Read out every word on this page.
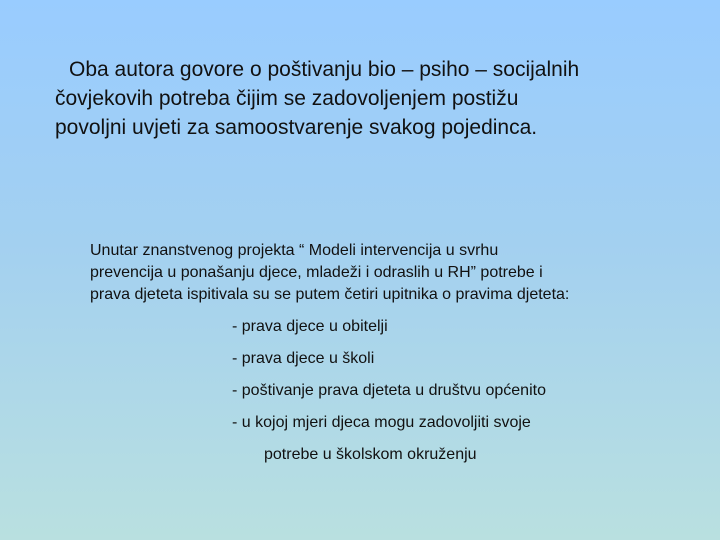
Oba autora govore o poštivanju bio – psiho – socijalnih
čovjekovih potreba čijim se zadovoljenjem postižu
povoljni uvjeti za samoostvarenje svakog pojedinca.
Unutar znanstvenog projekta “ Modeli intervencija u svrhu
prevencija u ponašanju djece, mladeži i odraslih u RH” potrebe i
prava djeteta ispitivala su se putem četiri upitnika o pravima djeteta:
- prava djece u obitelji
- prava djece u školi
- poštivanje prava djeteta u društvu općenito
- u kojoj mjeri djeca mogu zadovoljiti svoje
potrebe u školskom okruženju
